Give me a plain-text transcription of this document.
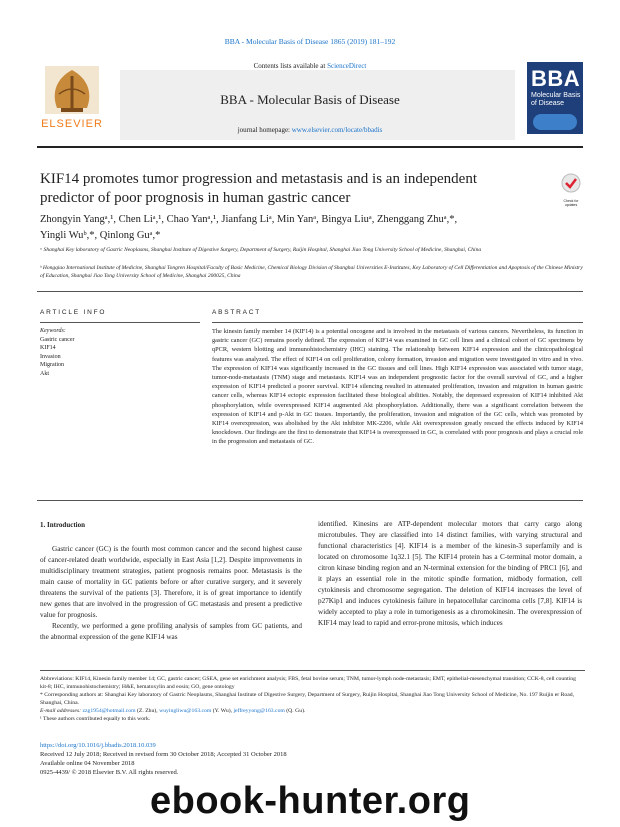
BBA - Molecular Basis of Disease 1865 (2019) 181–192
ELSEVIER
Contents lists available at ScienceDirect
BBA - Molecular Basis of Disease
journal homepage: www.elsevier.com/locate/bbadis
BBA
Molecular Basis of Disease
KIF14 promotes tumor progression and metastasis and is an independent predictor of poor prognosis in human gastric cancer	Check for updates
Zhongyin Yangᵃ,¹, Chen Liᵃ,¹, Chao Yanᵃ,¹, Jianfang Liᵃ, Min Yanᵃ, Bingya Liuᵃ, Zhenggang Zhuᵃ,*,
Yingli Wuᵇ,*, Qinlong Guᵃ,*
ᵃ Shanghai Key laboratory of Gastric Neoplasms, Shanghai Institute of Digestive Surgery, Department of Surgery, Ruijin Hospital, Shanghai Jiao Tong University School of Medicine, Shanghai, China
ᵇ Hongqiao International Institute of Medicine, Shanghai Tongren Hospital/Faculty of Basic Medicine, Chemical Biology Division of Shanghai Universities E-Institutes, Key Laboratory of Cell Differentiation and Apoptosis of the Chinese Ministry of Education, Shanghai Jiao Tong University School of Medicine, Shanghai 200025, China
ARTICLE INFO
Keywords:
Gastric cancer
KIF14
Invasion
Migration
Akt
ABSTRACT
The kinesin family member 14 (KIF14) is a potential oncogene and is involved in the metastasis of various cancers. Nevertheless, its function in gastric cancer (GC) remains poorly defined. The expression of KIF14 was examined in GC cell lines and a clinical cohort of GC specimens by qPCR, western blotting and immunohistochemistry (IHC) staining. The relationship between KIF14 expression and the clinicopathological features was analyzed. The effect of KIF14 on cell proliferation, colony formation, invasion and migration were investigated in vitro and in vivo. The expression of KIF14 was significantly increased in the GC tissues and cell lines. High KIF14 expression was associated with tumor stage, tumor-node-metastasis (TNM) stage and metastasis. KIF14 was an independent prognostic factor for the overall survival of GC, and a higher expression of KIF14 predicted a poorer survival. KIF14 silencing resulted in attenuated proliferation, invasion and migration in human gastric cancer cells, whereas KIF14 ectopic expression facilitated these biological abilities. Notably, the depressed expression of KIF14 inhibited Akt phosphorylation, while overexpressed KIF14 augmented Akt phosphorylation. Additionally, there was a significant correlation between the expression of KIF14 and p-Akt in GC tissues. Importantly, the proliferation, invasion and migration of the GC cells, which was promoted by KIF14 overexpression, was abolished by the Akt inhibitor MK-2206, while Akt overexpression greatly rescued the effects induced by KIF14 knockdown. Our findings are the first to demonstrate that KIF14 is overexpressed in GC, is correlated with poor prognosis and plays a crucial role in the progression and metastasis of GC.
1. Introduction

Gastric cancer (GC) is the fourth most common cancer and the second highest cause of cancer-related death worldwide, especially in East Asia [1,2]. Despite improvements in multidisciplinary treatment strategies, patient prognosis remains poor. Metastasis is the main cause of mortality in GC patients before or after curative surgery, and it severely threatens the survival of the patients [3]. Therefore, it is of great importance to identify new genes that are involved in the progression of GC metastasis and present a predictive value for prognosis.

Recently, we performed a gene profiling analysis of samples from GC patients, and the abnormal expression of the gene KIF14 was

identified. Kinesins are ATP-dependent molecular motors that carry cargo along microtubules. They are classified into 14 distinct families, with varying structural and functional characteristics [4]. KIF14 is a member of the kinesin-3 superfamily and is located on chromosome 1q32.1 [5]. The KIF14 protein has a C-terminal motor domain, a citron kinase binding region and an N-terminal extension for the binding of PRC1 [6], and it plays an essential role in the mitotic spindle formation, midbody formation, cell cytokinesis and chromosome segregation. The deletion of KIF14 increases the level of p27Kip1 and induces cytokinesis failure in hepatocellular carcinoma cells [7,8]. KIF14 is widely accepted to play a role in tumorigenesis as a chromokinesin. The overexpression of KIF14 may lead to rapid and error-prone mitosis, which induces

Abbreviations: KIF14, Kinesin family member 14; GC, gastric cancer; GSEA, gene set enrichment analysis; FBS, fetal bovine serum; TNM, tumor-lymph node-metastasis; EMT, epithelial-mesenchymal transition; CCK-8, cell counting kit-8; IHC, immunohistochemistry; H&E, hematoxylin and eosin; GO, gene ontology

* Corresponding authors at: Shanghai Key laboratory of Gastric Neoplasms, Shanghai Institute of Digestive Surgery, Department of Surgery, Ruijin Hospital, Shanghai Jiao Tong University School of Medicine, No. 197 Ruijin er Road, Shanghai, China.

E-mail addresses: zzg1954@hotmail.com (Z. Zhu), wuyingliwu@163.com (Y. Wu), jeffreyyong@163.com (Q. Gu).

¹ These authors contributed equally to this work.

https://doi.org/10.1016/j.bbadis.2018.10.039
Received 12 July 2018; Received in revised form 30 October 2018; Accepted 31 October 2018
Available online 04 November 2018
0925-4439/ © 2018 Elsevier B.V. All rights reserved.
ebook-hunter.org
